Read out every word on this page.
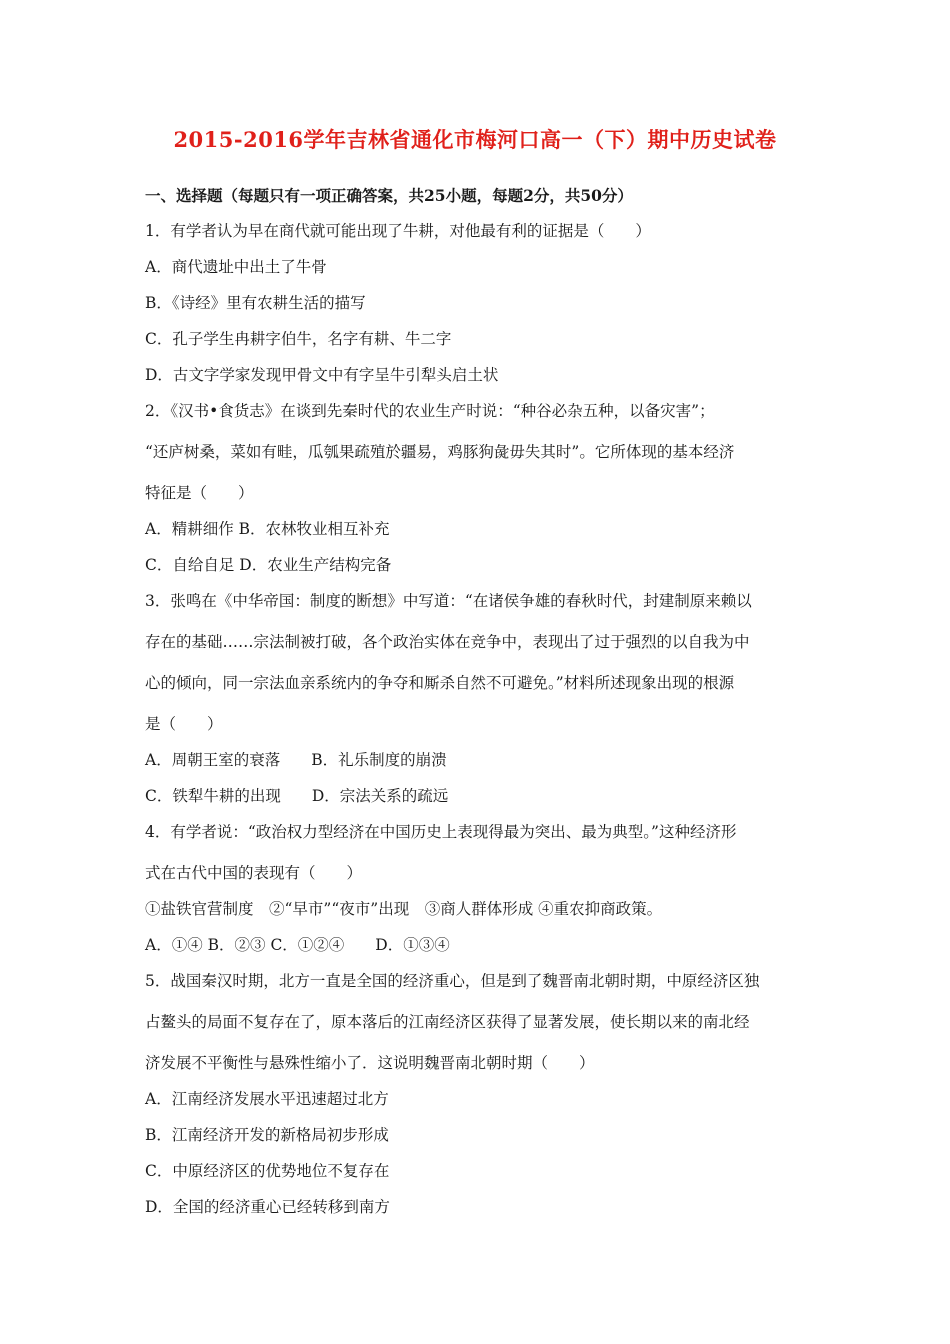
2015-2016学年吉林省通化市梅河口高一（下）期中历史试卷
一、选择题（每题只有一项正确答案，共25小题，每题2分，共50分）
1．有学者认为早在商代就可能出现了牛耕，对他最有利的证据是（　　）
A．商代遗址中出土了牛骨
B．《诗经》里有农耕生活的描写
C．孔子学生冉耕字伯牛，名字有耕、牛二字
D．古文字学家发现甲骨文中有字呈牛引犁头启土状
2．《汉书•食货志》在谈到先秦时代的农业生产时说：“种谷必杂五种，以备灾害”；
“还庐树桑，菜如有畦，瓜瓠果疏殖於疆易，鸡豚狗彘毋失其时”。它所体现的基本经济
特征是（　　）
A．精耕细作 B．农林牧业相互补充
C．自给自足 D．农业生产结构完备
3．张鸣在《中华帝国：制度的断想》中写道：“在诸侯争雄的春秋时代，封建制原来赖以
存在的基础……宗法制被打破，各个政治实体在竞争中，表现出了过于强烈的以自我为中
心的倾向，同一宗法血亲系统内的争夺和厮杀自然不可避免。”材料所述现象出现的根源
是（　　）
A．周朝王室的衰落　　B．礼乐制度的崩溃
C．铁犁牛耕的出现　　D．宗法关系的疏远
4．有学者说：“政治权力型经济在中国历史上表现得最为突出、最为典型。”这种经济形
式在古代中国的表现有（　　）
①盐铁官营制度　②“早市”“夜市”出现　③商人群体形成 ④重农抑商政策。
A．①④ B．②③ C．①②④　　D．①③④
5．战国秦汉时期，北方一直是全国的经济重心，但是到了魏晋南北朝时期，中原经济区独
占鳌头的局面不复存在了，原本落后的江南经济区获得了显著发展，使长期以来的南北经
济发展不平衡性与悬殊性缩小了．这说明魏晋南北朝时期（　　）
A．江南经济发展水平迅速超过北方
B．江南经济开发的新格局初步形成
C．中原经济区的优势地位不复存在
D．全国的经济重心已经转移到南方
